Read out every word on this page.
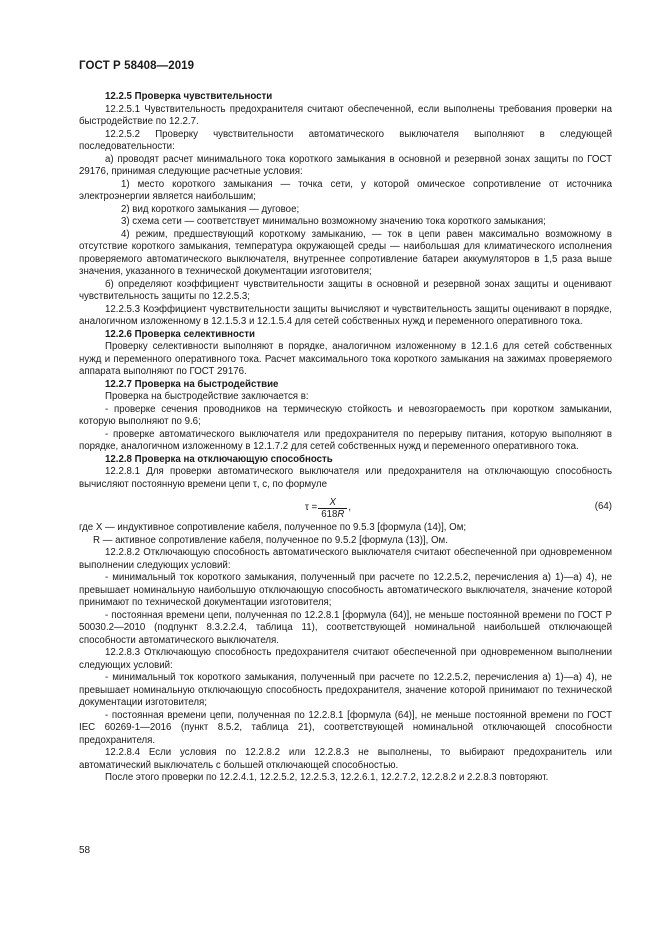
ГОСТ Р 58408—2019

12.2.5 Проверка чувствительности

12.2.5.1 Чувствительность предохранителя считают обеспеченной, если выполнены требования проверки на быстродействие по 12.2.7.

12.2.5.2 Проверку чувствительности автоматического выключателя выполняют в следующей последовательности:

а) проводят расчет минимального тока короткого замыкания в основной и резервной зонах защиты по ГОСТ 29176, принимая следующие расчетные условия:

1) место короткого замыкания — точка сети, у которой омическое сопротивление от источника электроэнергии является наибольшим;

2) вид короткого замыкания — дуговое;

3) схема сети — соответствует минимально возможному значению тока короткого замыкания;

4) режим, предшествующий короткому замыканию, — ток в цепи равен максимально возможному в отсутствие короткого замыкания, температура окружающей среды — наибольшая для климатического исполнения проверяемого автоматического выключателя, внутреннее сопротивление батареи аккумуляторов в 1,5 раза выше значения, указанного в технической документации изготовителя;

б) определяют коэффициент чувствительности защиты в основной и резервной зонах защиты и оценивают чувствительность защиты по 12.2.5.3;

12.2.5.3 Коэффициент чувствительности защиты вычисляют и чувствительность защиты оценивают в порядке, аналогичном изложенному в 12.1.5.3 и 12.1.5.4 для сетей собственных нужд и переменного оперативного тока.

12.2.6 Проверка селективности

Проверку селективности выполняют в порядке, аналогичном изложенному в 12.1.6 для сетей собственных нужд и переменного оперативного тока. Расчет максимального тока короткого замыкания на зажимах проверяемого аппарата выполняют по ГОСТ 29176.

12.2.7 Проверка на быстродействие

Проверка на быстродействие заключается в:

- проверке сечения проводников на термическую стойкость и невозгораемость при коротком замыкании, которую выполняют по 9.6;

- проверке автоматического выключателя или предохранителя по перерыву питания, которую выполняют в порядке, аналогичном изложенному в 12.1.7.2 для сетей собственных нужд и переменного оперативного тока.

12.2.8 Проверка на отключающую способность

12.2.8.1 Для проверки автоматического выключателя или предохранителя на отключающую способность вычисляют постоянную времени цепи τ, с, по формуле

$\tau = \frac{X}{618R}$ ,	(64)

где X — индуктивное сопротивление кабеля, полученное по 9.5.3 [формула (14)], Ом;

R — активное сопротивление кабеля, полученное по 9.5.2 [формула (13)], Ом.

12.2.8.2 Отключающую способность автоматического выключателя считают обеспеченной при одновременном выполнении следующих условий:

- минимальный ток короткого замыкания, полученный при расчете по 12.2.5.2, перечисления а) 1)—а) 4), не превышает номинальную наибольшую отключающую способность автоматического выключателя, значение которой принимают по технической документации изготовителя;

- постоянная времени цепи, полученная по 12.2.8.1 [формула (64)], не меньше постоянной времени по ГОСТ Р 50030.2—2010 (подпункт 8.3.2.2.4, таблица 11), соответствующей номинальной наибольшей отключающей способности автоматического выключателя.

12.2.8.3 Отключающую способность предохранителя считают обеспеченной при одновременном выполнении следующих условий:

- минимальный ток короткого замыкания, полученный при расчете по 12.2.5.2, перечисления а) 1)—а) 4), не превышает номинальную отключающую способность предохранителя, значение которой принимают по технической документации изготовителя;

- постоянная времени цепи, полученная по 12.2.8.1 [формула (64)], не меньше постоянной времени по ГОСТ IEC 60269-1—2016 (пункт 8.5.2, таблица 21), соответствующей номинальной отключающей способности предохранителя.

12.2.8.4 Если условия по 12.2.8.2 или 12.2.8.3 не выполнены, то выбирают предохранитель или автоматический выключатель с большей отключающей способностью.

После этого проверки по 12.2.4.1, 12.2.5.2, 12.2.5.3, 12.2.6.1, 12.2.7.2, 12.2.8.2 и 2.2.8.3 повторяют.

58
